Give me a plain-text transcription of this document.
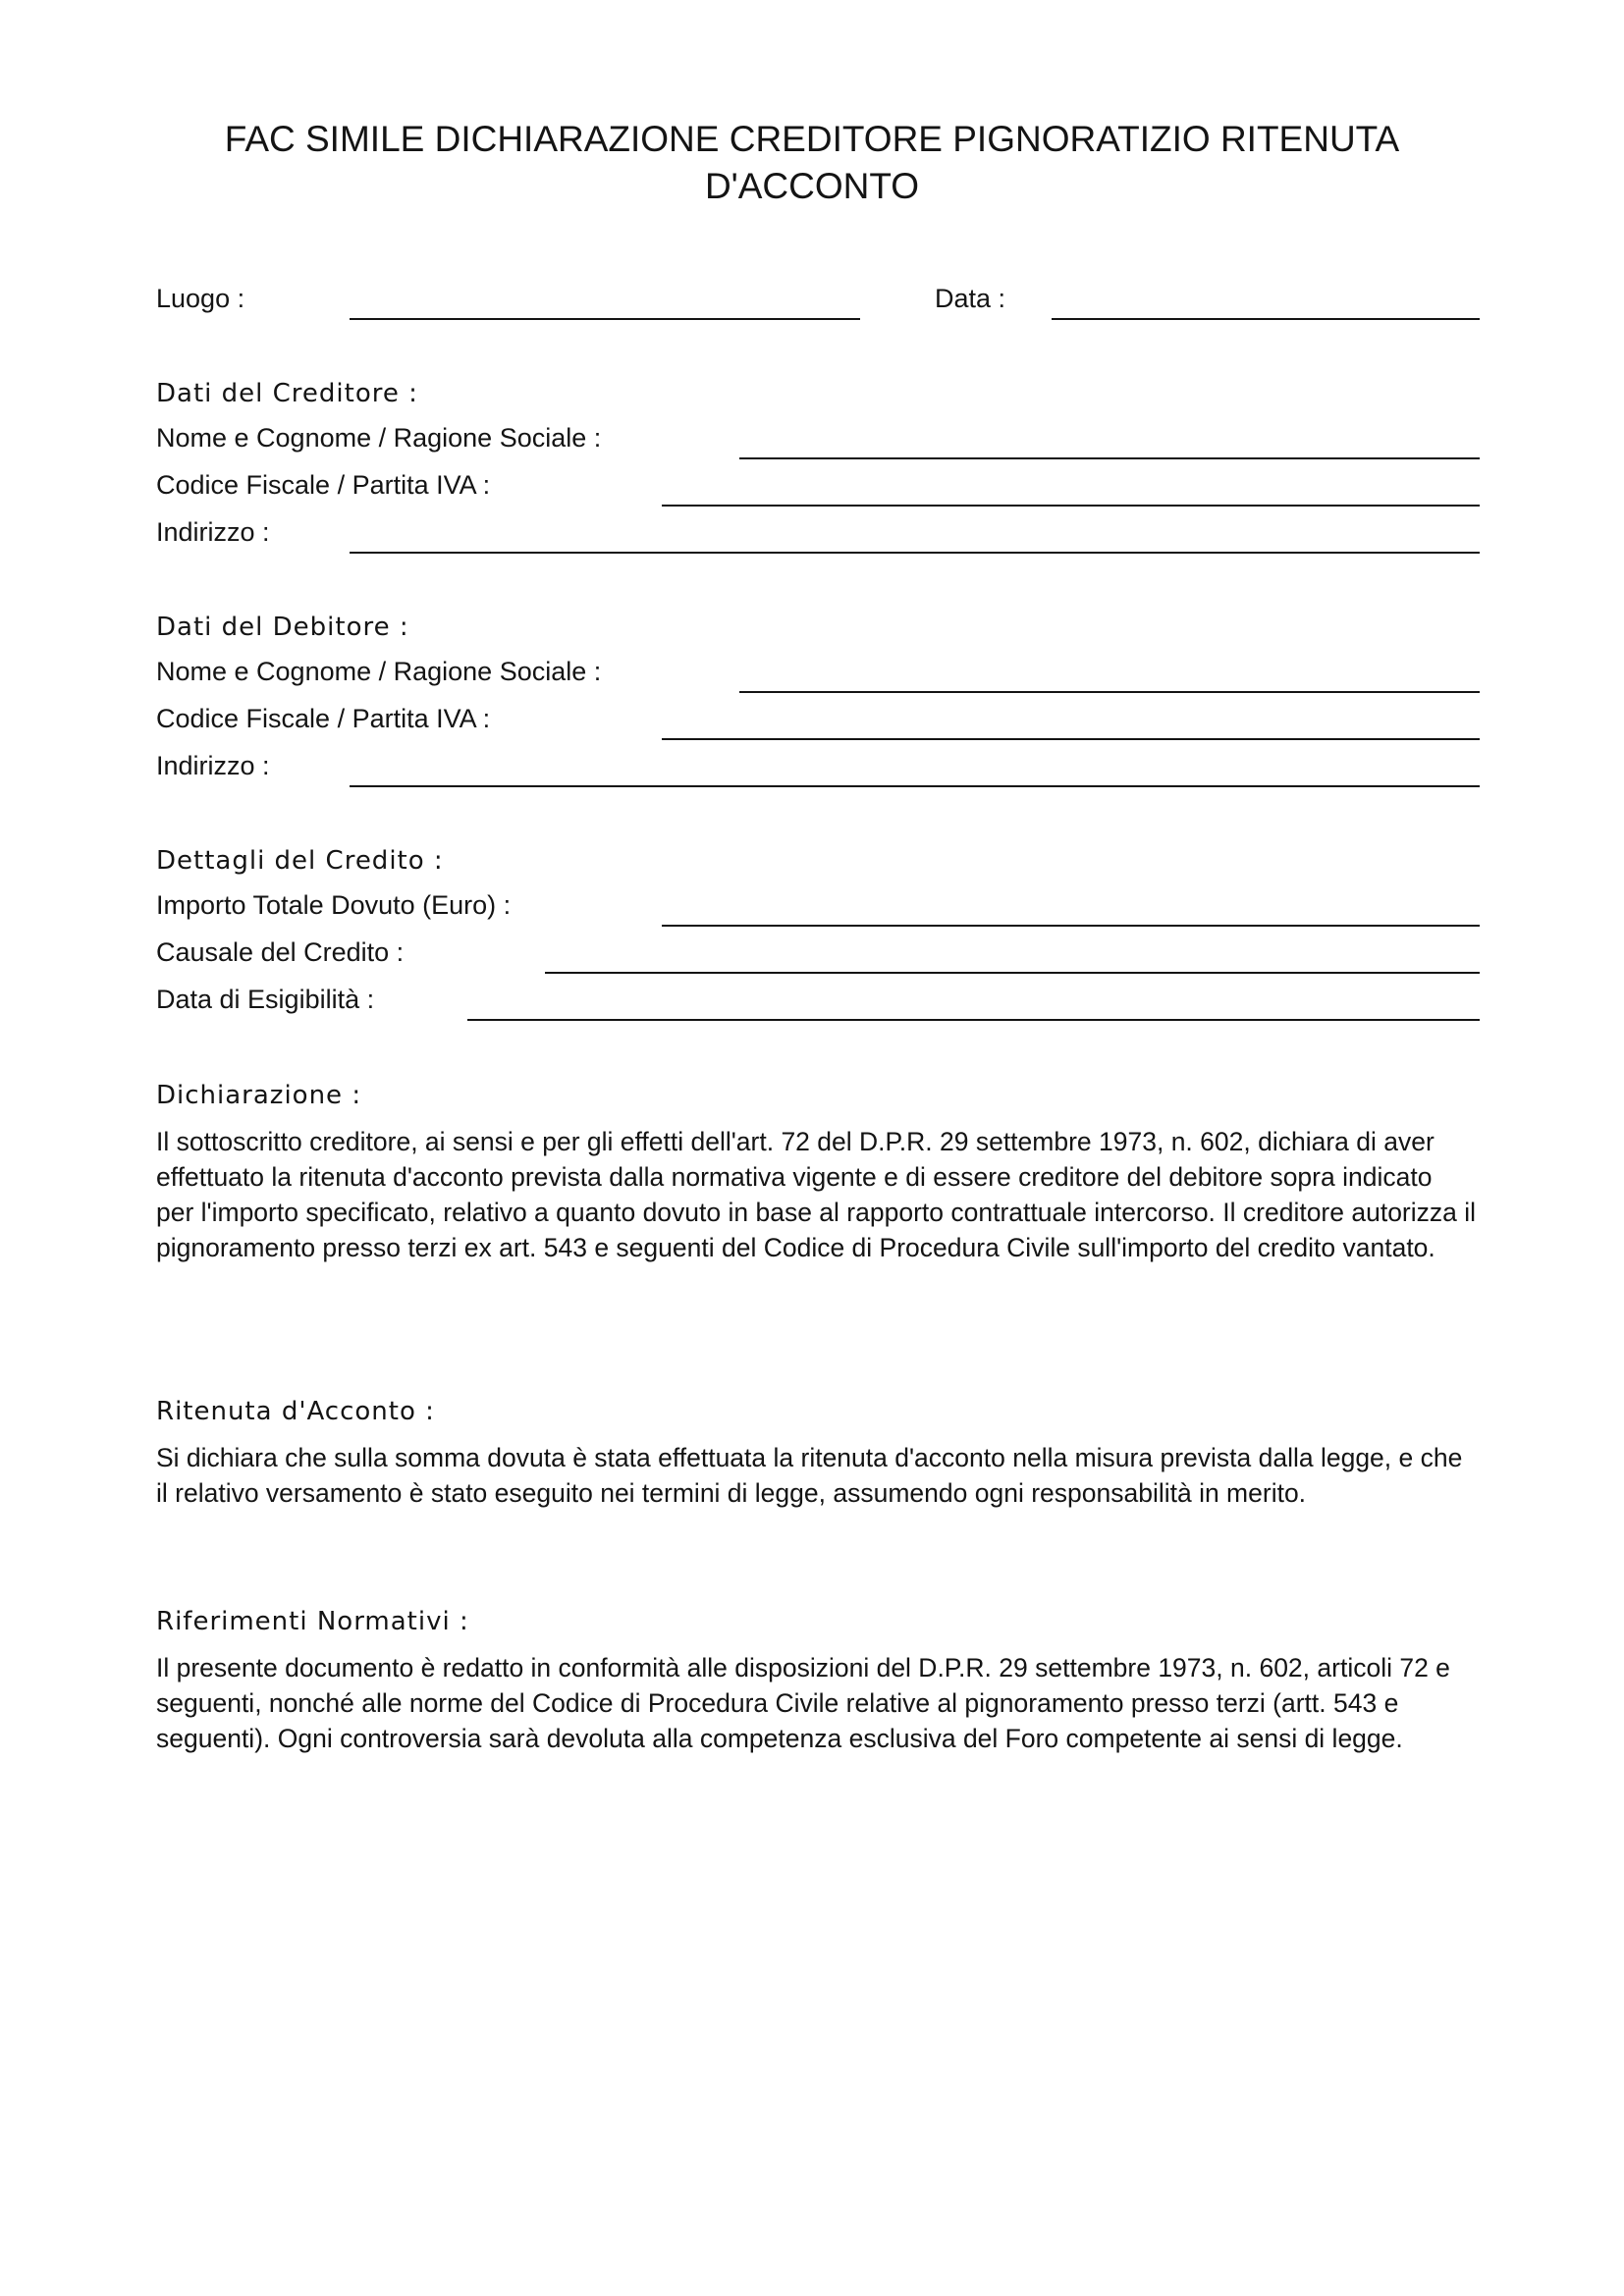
FAC SIMILE DICHIARAZIONE CREDITORE PIGNORATIZIO RITENUTA
D'ACCONTO
Luogo :	Data :
Dati del Creditore :
Nome e Cognome / Ragione Sociale :
Codice Fiscale / Partita IVA :
Indirizzo :
Dati del Debitore :
Nome e Cognome / Ragione Sociale :
Codice Fiscale / Partita IVA :
Indirizzo :
Dettagli del Credito :
Importo Totale Dovuto (Euro) :
Causale del Credito :
Data di Esigibilità :
Dichiarazione :

Il sottoscritto creditore, ai sensi e per gli effetti dell'art. 72 del D.P.R. 29 settembre 1973, n. 602, dichiara di aver effettuato la ritenuta d'acconto prevista dalla normativa vigente e di essere creditore del debitore sopra indicato per l'importo specificato, relativo a quanto dovuto in base al rapporto contrattuale intercorso. Il creditore autorizza il pignoramento presso terzi ex art. 543 e seguenti del Codice di Procedura Civile sull'importo del credito vantato.

Ritenuta d'Acconto :

Si dichiara che sulla somma dovuta è stata effettuata la ritenuta d'acconto nella misura prevista dalla legge, e che il relativo versamento è stato eseguito nei termini di legge, assumendo ogni responsabilità in merito.

Riferimenti Normativi :

Il presente documento è redatto in conformità alle disposizioni del D.P.R. 29 settembre 1973, n. 602, articoli 72 e seguenti, nonché alle norme del Codice di Procedura Civile relative al pignoramento presso terzi (artt. 543 e seguenti). Ogni controversia sarà devoluta alla competenza esclusiva del Foro competente ai sensi di legge.
